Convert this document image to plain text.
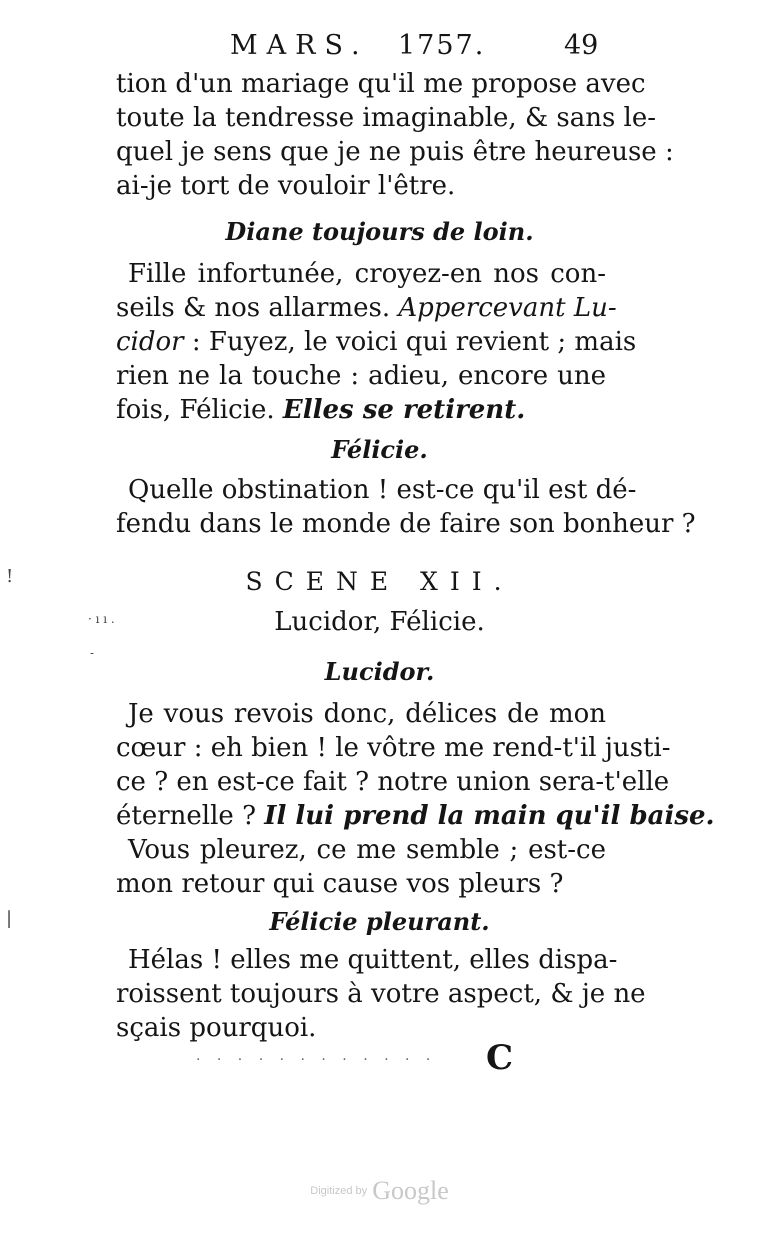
MARS. 1757.	49
tion d'un mariage qu'il me propose avec
toute la tendresse imaginable, & sans le-
quel je sens que je ne puis être heureuse :
ai-je tort de vouloir l'être.
Diane toujours de loin.
Fille infortunée, croyez-en nos con-
seils & nos allarmes. Appercevant Lu-
cidor : Fuyez, le voici qui revient ; mais
rien ne la touche : adieu, encore une
fois, Félicie. Elles se retirent.
Félicie.
Quelle obstination ! est-ce qu'il est dé-
fendu dans le monde de faire son bonheur ?
SCENE XII.
Lucidor, Félicie.
Lucidor.
Je vous revois donc, délices de mon
cœur : eh bien ! le vôtre me rend-t'il justi-
ce ? en est-ce fait ? notre union sera-t'elle
éternelle ? Il lui prend la main qu'il baise.
Vous pleurez, ce me semble ; est-ce
mon retour qui cause vos pleurs ?
Félicie pleurant.
Hélas ! elles me quittent, elles dispa-
roissent toujours à votre aspect, & je ne
sçais pourquoi.
. . . . . . . . . . . .
!
|
· ı ı .
-
C
Digitized by Google
